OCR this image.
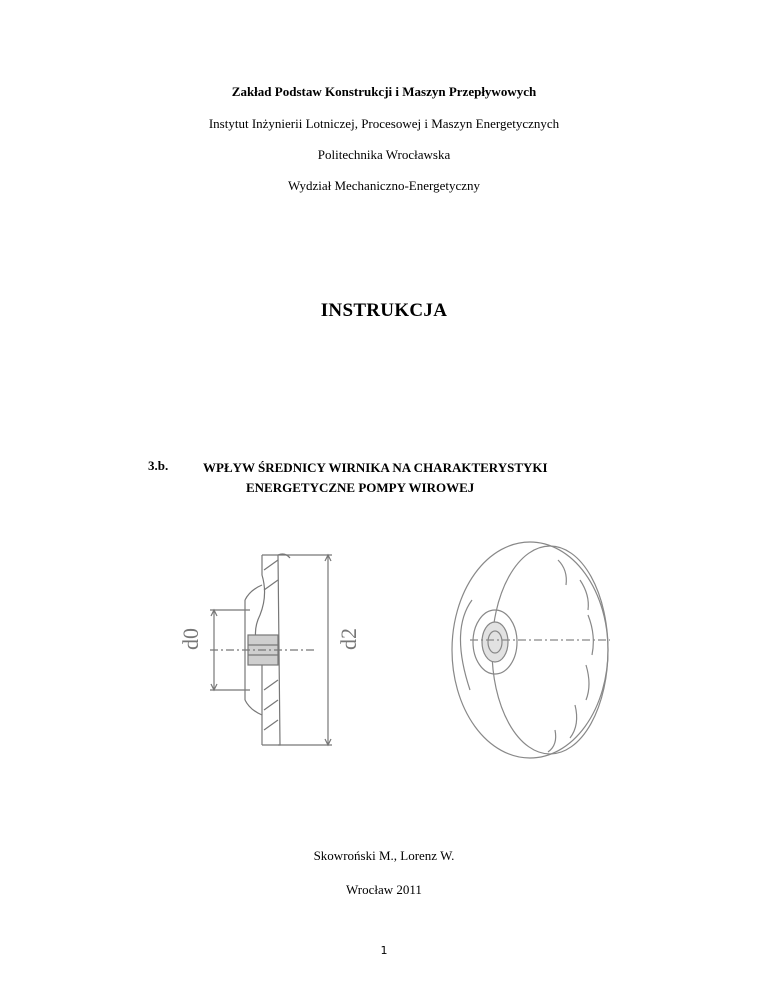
Zakład Podstaw Konstrukcji i Maszyn Przepływowych
Instytut Inżynierii Lotniczej, Procesowej i Maszyn Energetycznych
Politechnika Wrocławska
Wydział Mechaniczno-Energetyczny
INSTRUKCJA
3.b.	WPŁYW ŚREDNICY WIRNIKA NA CHARAKTERYSTYKI
ENERGETYCZNE POMPY WIROWEJ
d0	d2
Skowroński M., Lorenz W.
Wrocław 2011
1
